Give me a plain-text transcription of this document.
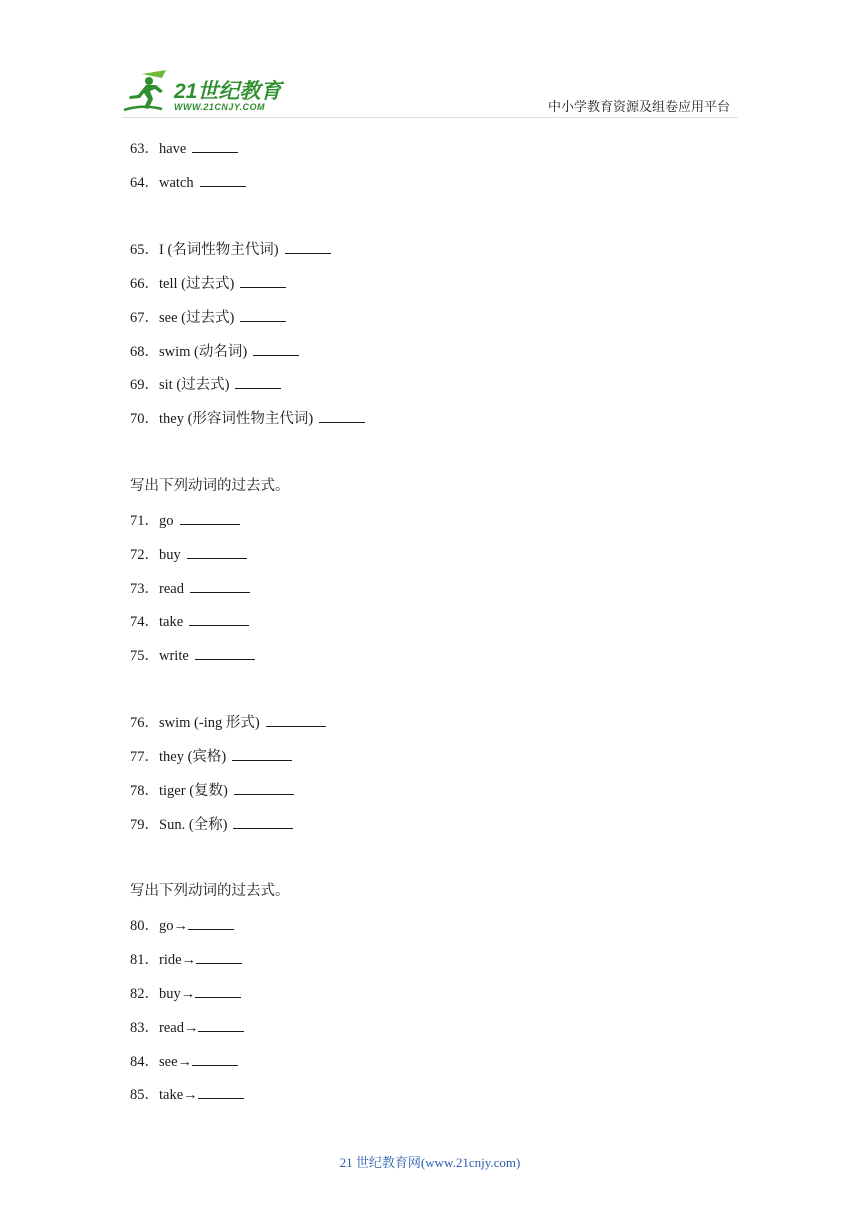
21世纪教育
WWW.21CNJY.COM	中小学教育资源及组卷应用平台
63．have
64．watch
65．I (名词性物主代词)
66．tell (过去式)
67．see (过去式)
68．swim (动名词)
69．sit (过去式)
70．they (形容词性物主代词)
写出下列动词的过去式。
71．go
72．buy
73．read
74．take
75．write
76．swim (-ing 形式)
77．they (宾格)
78．tiger (复数)
79．Sun. (全称)
写出下列动词的过去式。
80．go→
81．ride→
82．buy→
83．read→
84．see→
85．take→
21 世纪教育网(www.21cnjy.com)
